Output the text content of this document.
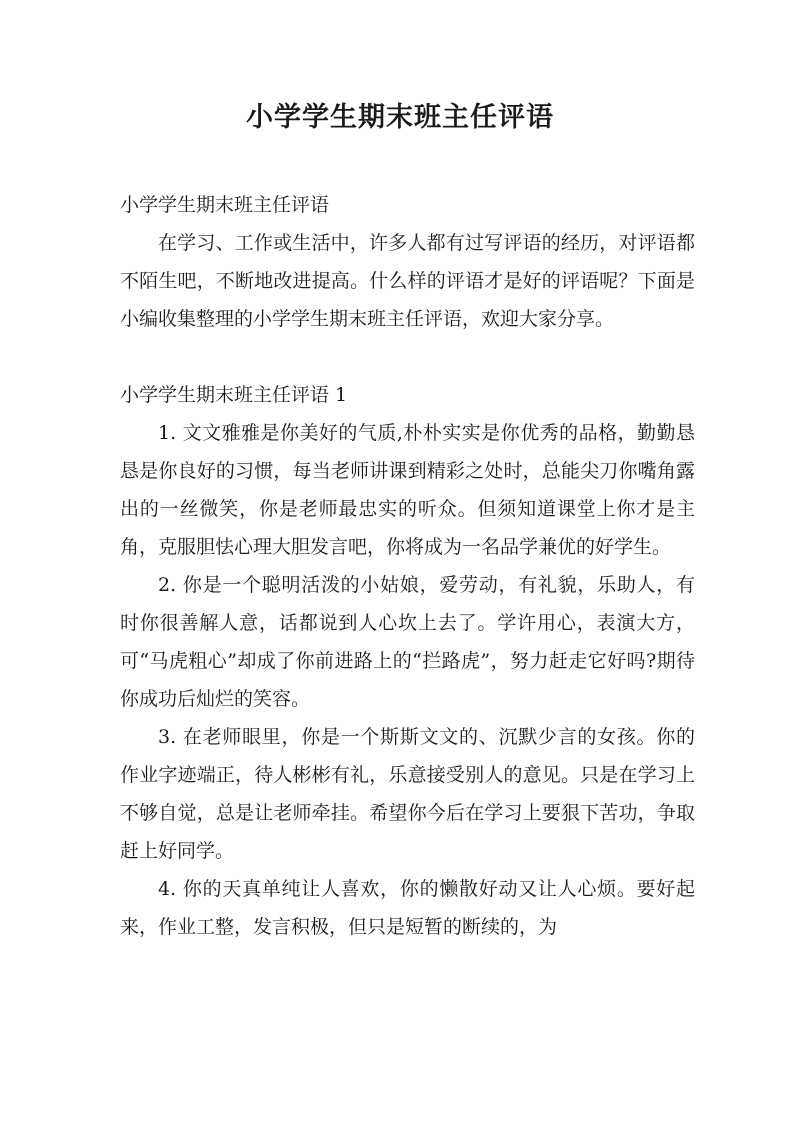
小学学生期末班主任评语

小学学生期末班主任评语

在学习、工作或生活中，许多人都有过写评语的经历，对评语都不陌生吧，不断地改进提高。什么样的评语才是好的评语呢？下面是小编收集整理的小学学生期末班主任评语，欢迎大家分享。

小学学生期末班主任评语 1

1. 文文雅雅是你美好的气质,朴朴实实是你优秀的品格，勤勤恳恳是你良好的习惯，每当老师讲课到精彩之处时，总能尖刀你嘴角露出的一丝微笑，你是老师最忠实的听众。但须知道课堂上你才是主角，克服胆怯心理大胆发言吧，你将成为一名品学兼优的好学生。

2. 你是一个聪明活泼的小姑娘，爱劳动，有礼貌，乐助人，有时你很善解人意，话都说到人心坎上去了。学许用心，表演大方，可“马虎粗心”却成了你前进路上的“拦路虎”，努力赶走它好吗?期待你成功后灿烂的笑容。

3. 在老师眼里，你是一个斯斯文文的、沉默少言的女孩。你的作业字迹端正，待人彬彬有礼，乐意接受别人的意见。只是在学习上不够自觉，总是让老师牵挂。希望你今后在学习上要狠下苦功，争取赶上好同学。

4. 你的天真单纯让人喜欢，你的懒散好动又让人心烦。要好起来，作业工整，发言积极，但只是短暂的断续的，为
